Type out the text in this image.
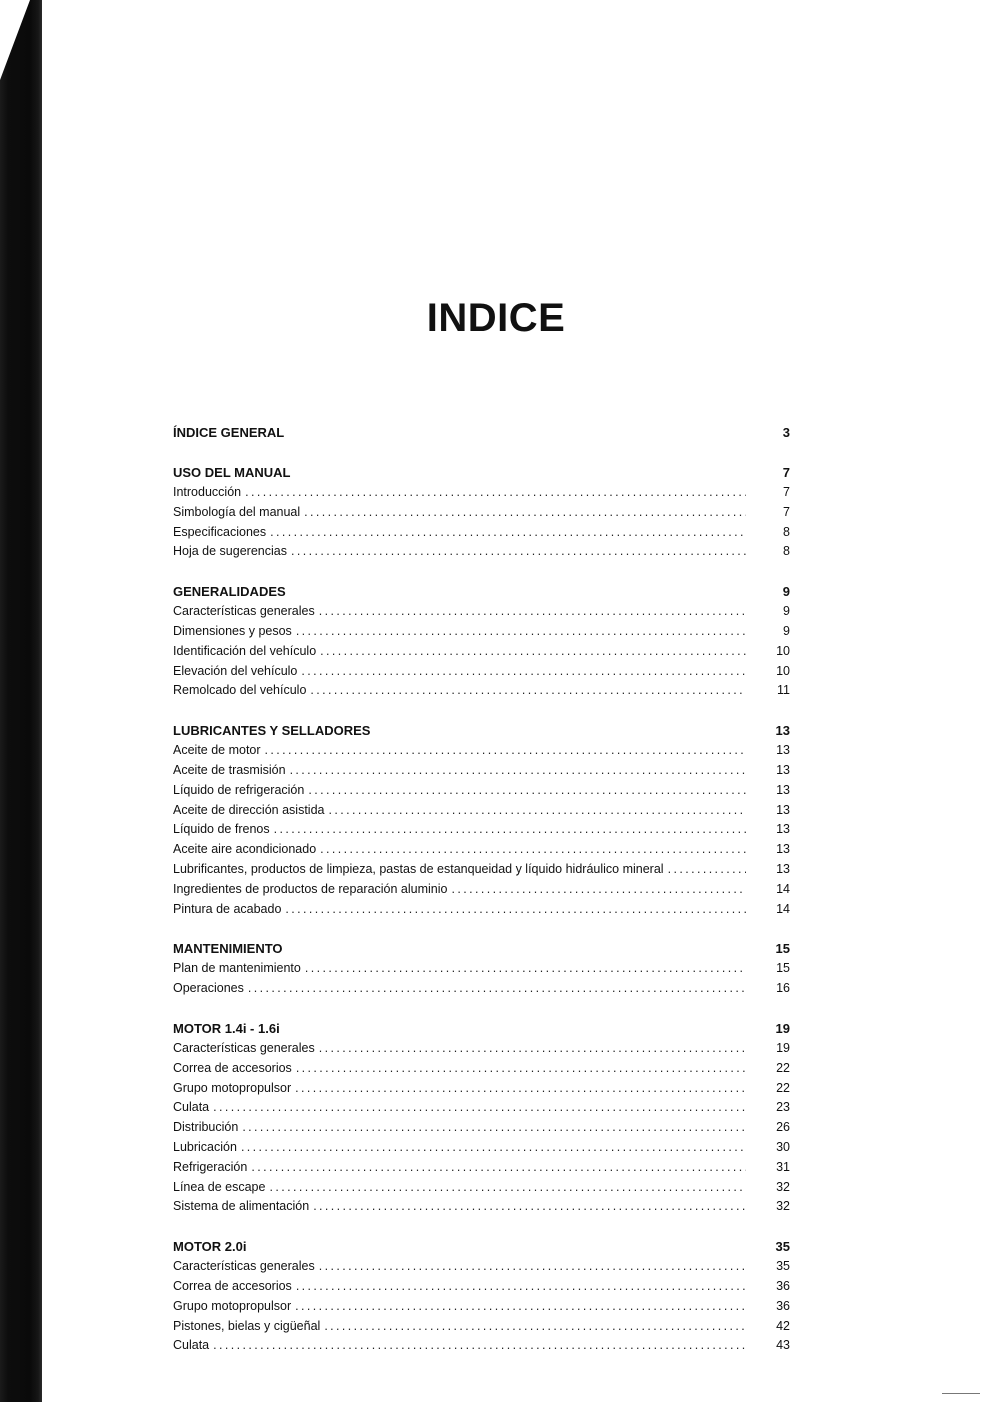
INDICE
ÍNDICE GENERAL	3
USO DEL MANUAL	7
Introducción .....	7
Simbología del manual .....	7
Especificaciones .....	8
Hoja de sugerencias .....	8
GENERALIDADES	9
Características generales .....	9
Dimensiones y pesos .....	9
Identificación del vehículo .....	10
Elevación del vehículo .....	10
Remolcado del vehículo .....	11
LUBRICANTES Y SELLADORES	13
Aceite de motor .....	13
Aceite de trasmisión .....	13
Líquido de refrigeración .....	13
Aceite de dirección asistida .....	13
Líquido de frenos .....	13
Aceite aire acondicionado .....	13
Lubrificantes, productos de limpieza, pastas de estanqueidad y líquido hidráulico mineral .....	13
Ingredientes de productos de reparación aluminio .....	14
Pintura de acabado .....	14
MANTENIMIENTO	15
Plan de mantenimiento .....	15
Operaciones .....	16
MOTOR 1.4i - 1.6i	19
Características generales .....	19
Correa de accesorios .....	22
Grupo motopropulsor .....	22
Culata .....	23
Distribución .....	26
Lubricación .....	30
Refrigeración .....	31
Línea de escape .....	32
Sistema de alimentación .....	32
MOTOR 2.0i	35
Características generales .....	35
Correa de accesorios .....	36
Grupo motopropulsor .....	36
Pistones, bielas y cigüeñal .....	42
Culata .....	43
